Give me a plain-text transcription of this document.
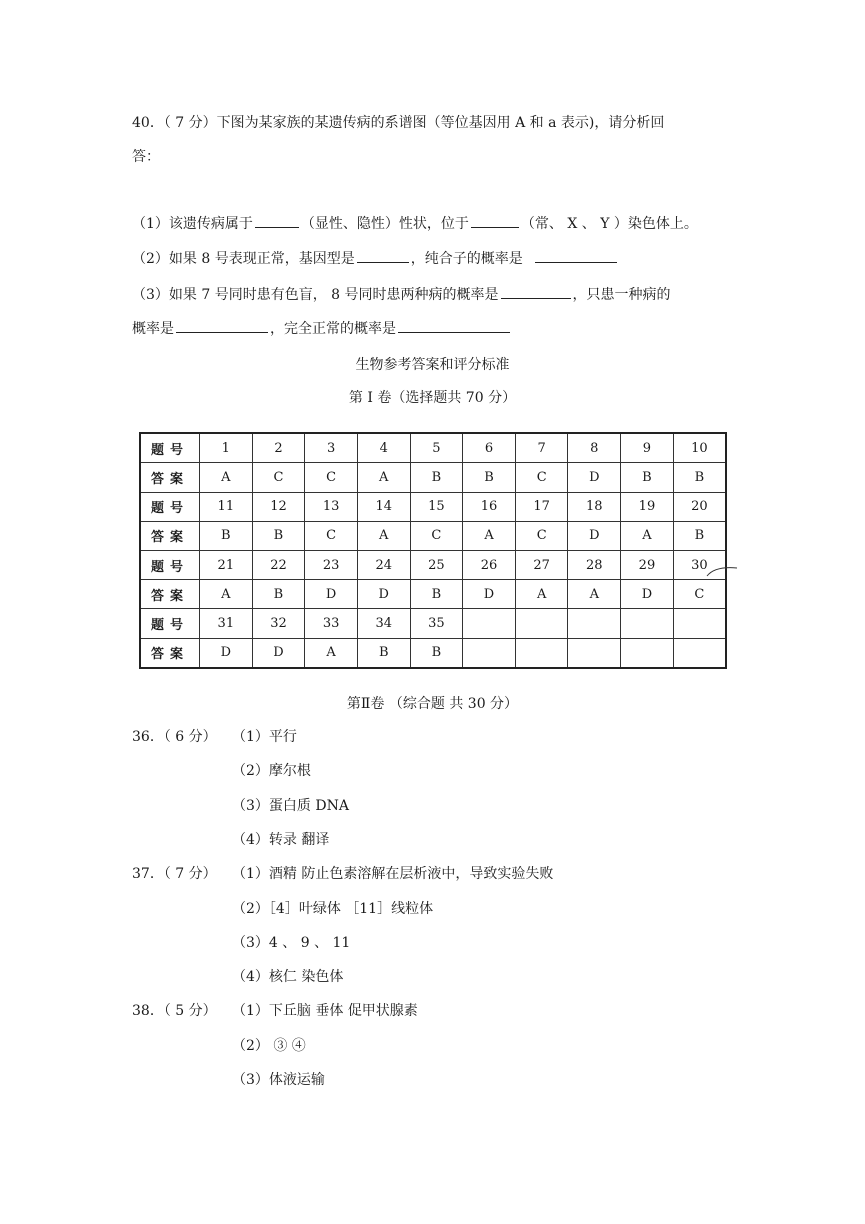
40．（ 7 分）下图为某家族的某遗传病的系谱图（等位基因用 A 和 a 表示)，请分析回
答：
（1）该遗传病属于	（显性、隐性）性状，位于	（常、 X 、 Y ）染色体上。
（2）如果 8 号表现正常，基因型是	，纯合子的概率是
（3）如果 7 号同时患有色盲， 8 号同时患两种病的概率是	，只患一种病的
概率是	，完全正常的概率是
生物参考答案和评分标准
第 I 卷（选择题共 70 分）
题号	1	2	3	4	5	6	7	8	9	10
答案	A	C	C	A	B	B	C	D	B	B
题号	11	12	13	14	15	16	17	18	19	20
答案	B	B	C	A	C	A	C	D	A	B
题号	21	22	23	24	25	26	27	28	29	30
答案	A	B	D	D	B	D	A	A	D	C
题号	31	32	33	34	35					
答案	D	D	A	B	B					
第Ⅱ卷 （综合题 共 30 分）
36．（ 6 分） （1）平行
（2）摩尔根
（3）蛋白质 DNA
（4）转录 翻译
37．（ 7 分） （1）酒精 防止色素溶解在层析液中，导致实验失败
（2）［4］叶绿体 ［11］线粒体
（3）4 、 9 、 11
（4）核仁 染色体
38．（ 5 分） （1）下丘脑 垂体 促甲状腺素
（2） ③ ④
（3）体液运输
